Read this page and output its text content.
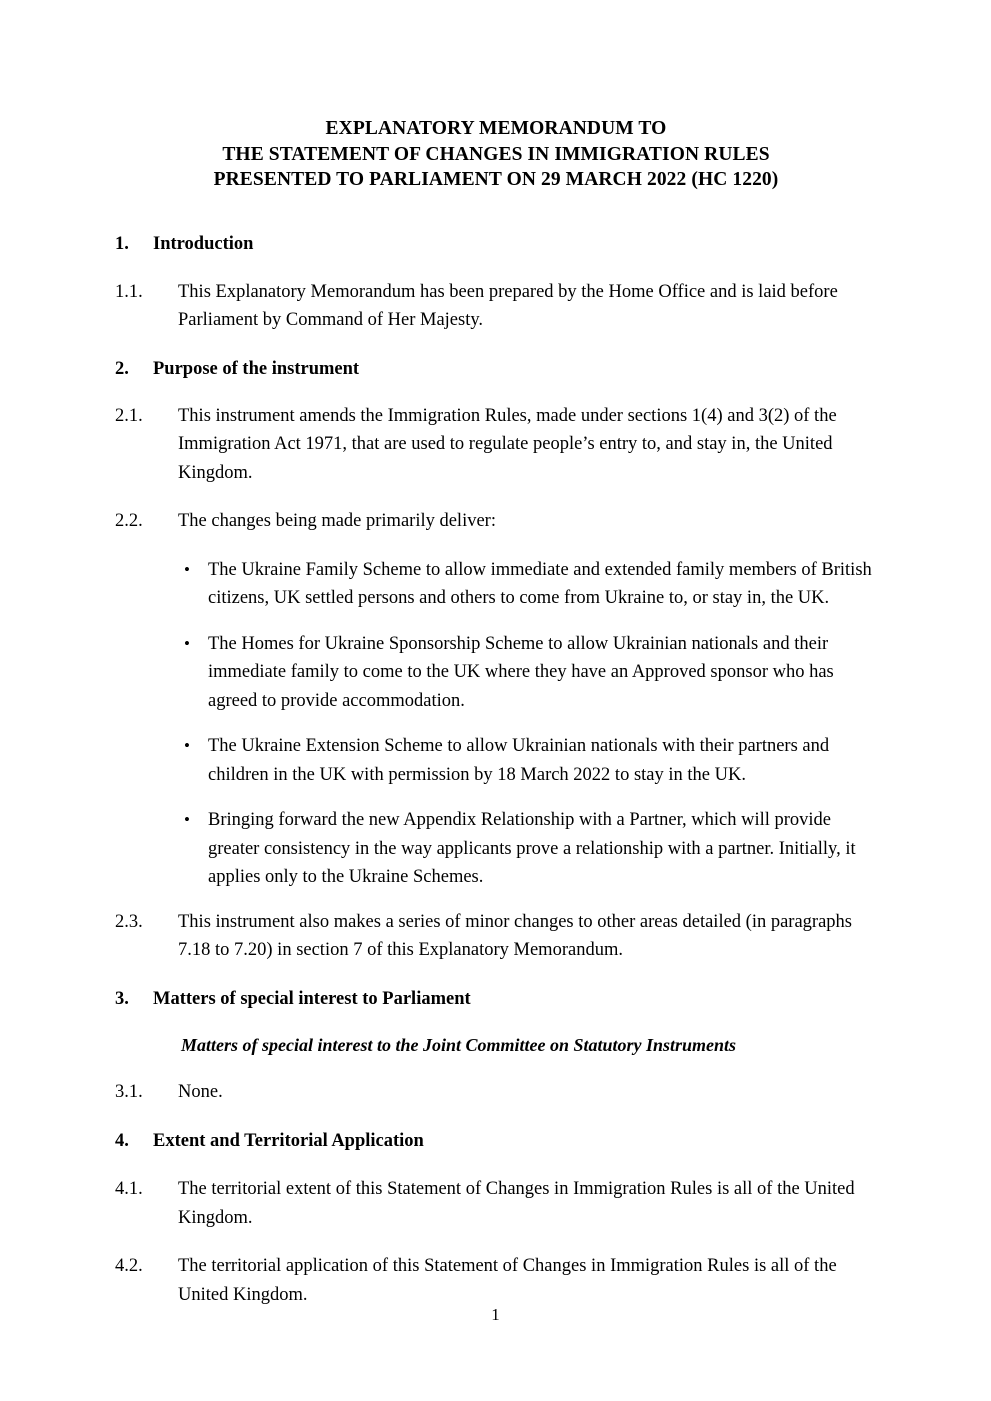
EXPLANATORY MEMORANDUM TO
THE STATEMENT OF CHANGES IN IMMIGRATION RULES
PRESENTED TO PARLIAMENT ON 29 MARCH 2022 (HC 1220)
1.	Introduction
1.1.	This Explanatory Memorandum has been prepared by the Home Office and is laid before Parliament by Command of Her Majesty.
2.	Purpose of the instrument
2.1.	This instrument amends the Immigration Rules, made under sections 1(4) and 3(2) of the Immigration Act 1971, that are used to regulate people’s entry to, and stay in, the United Kingdom.
2.2.	The changes being made primarily deliver:
• The Ukraine Family Scheme to allow immediate and extended family members of British citizens, UK settled persons and others to come from Ukraine to, or stay in, the UK.
• The Homes for Ukraine Sponsorship Scheme to allow Ukrainian nationals and their immediate family to come to the UK where they have an Approved sponsor who has agreed to provide accommodation.
• The Ukraine Extension Scheme to allow Ukrainian nationals with their partners and children in the UK with permission by 18 March 2022 to stay in the UK.
• Bringing forward the new Appendix Relationship with a Partner, which will provide greater consistency in the way applicants prove a relationship with a partner. Initially, it applies only to the Ukraine Schemes.
2.3.	This instrument also makes a series of minor changes to other areas detailed (in paragraphs 7.18 to 7.20) in section 7 of this Explanatory Memorandum.
3.	Matters of special interest to Parliament
Matters of special interest to the Joint Committee on Statutory Instruments
3.1.	None.
4.	Extent and Territorial Application
4.1.	The territorial extent of this Statement of Changes in Immigration Rules is all of the United Kingdom.
4.2.	The territorial application of this Statement of Changes in Immigration Rules is all of the United Kingdom.
1
